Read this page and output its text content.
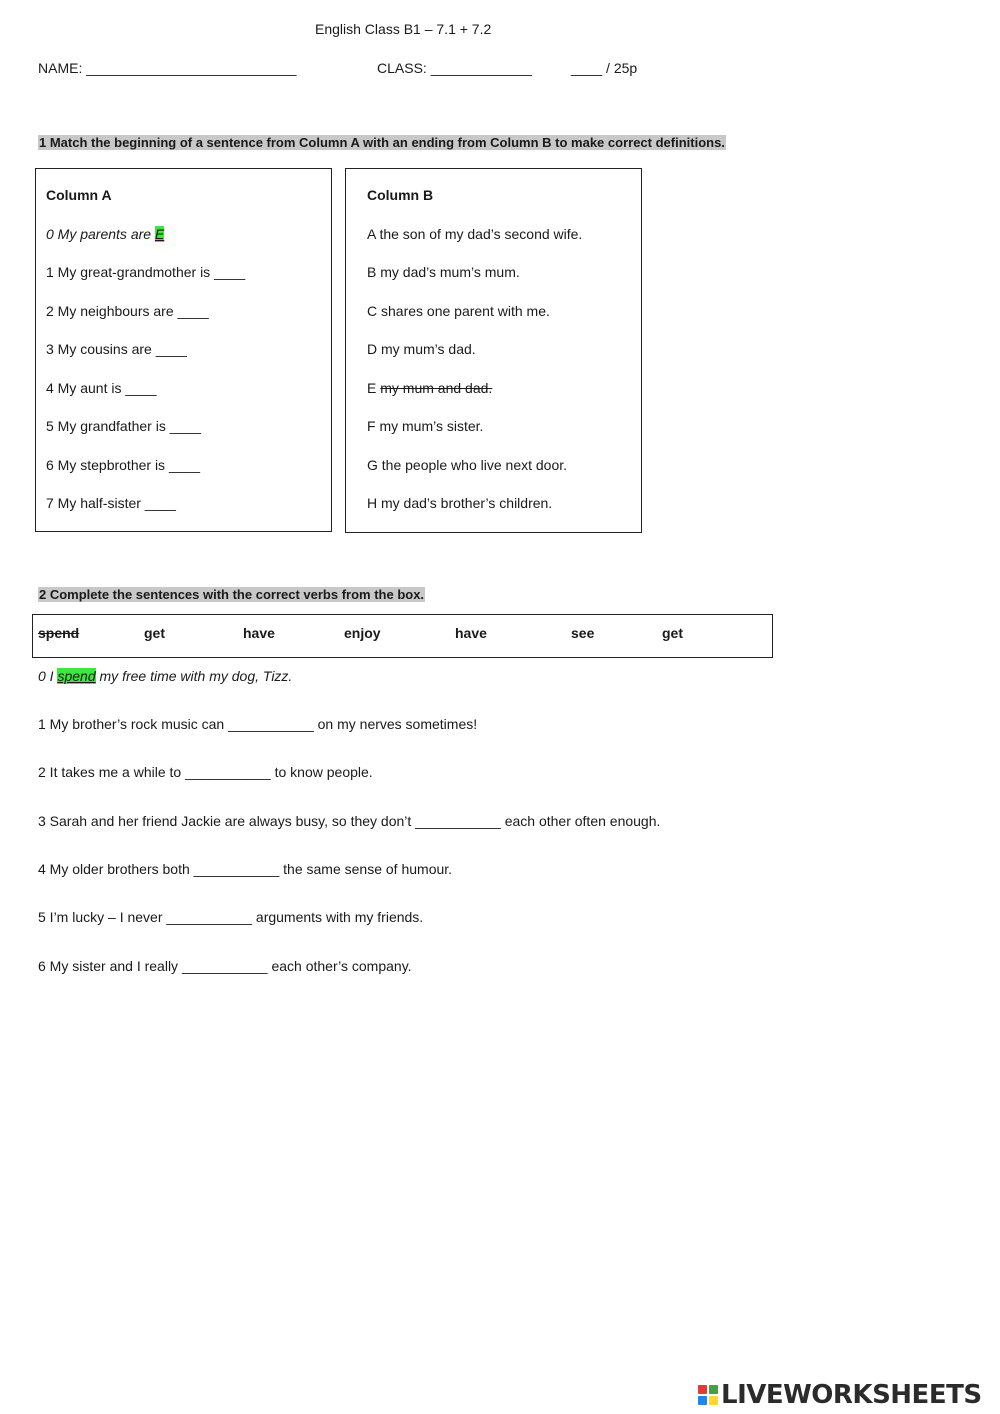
English Class B1 – 7.1 + 7.2
NAME: ___________________________	CLASS: _____________	____ / 25p
1 Match the beginning of a sentence from Column A with an ending from Column B to make correct definitions.
Column A
0 My parents are E
1 My great-grandmother is ____
2 My neighbours are ____
3 My cousins are ____
4 My aunt is ____
5 My grandfather is ____
6 My stepbrother is ____
7 My half-sister ____
Column B
A the son of my dad’s second wife.
B my dad’s mum’s mum.
C shares one parent with me.
D my mum’s dad.
E my mum and dad.
F my mum’s sister.
G the people who live next door.
H my dad’s brother’s children.
2 Complete the sentences with the correct verbs from the box.
spend	get	have	enjoy	have	see	get
0 I spend my free time with my dog, Tizz.
1 My brother’s rock music can ___________ on my nerves sometimes!
2 It takes me a while to ___________ to know people.
3 Sarah and her friend Jackie are always busy, so they don’t ___________ each other often enough.
4 My older brothers both ___________ the same sense of humour.
5 I’m lucky – I never ___________ arguments with my friends.
6 My sister and I really ___________ each other’s company.
LIVEWORKSHEETS
